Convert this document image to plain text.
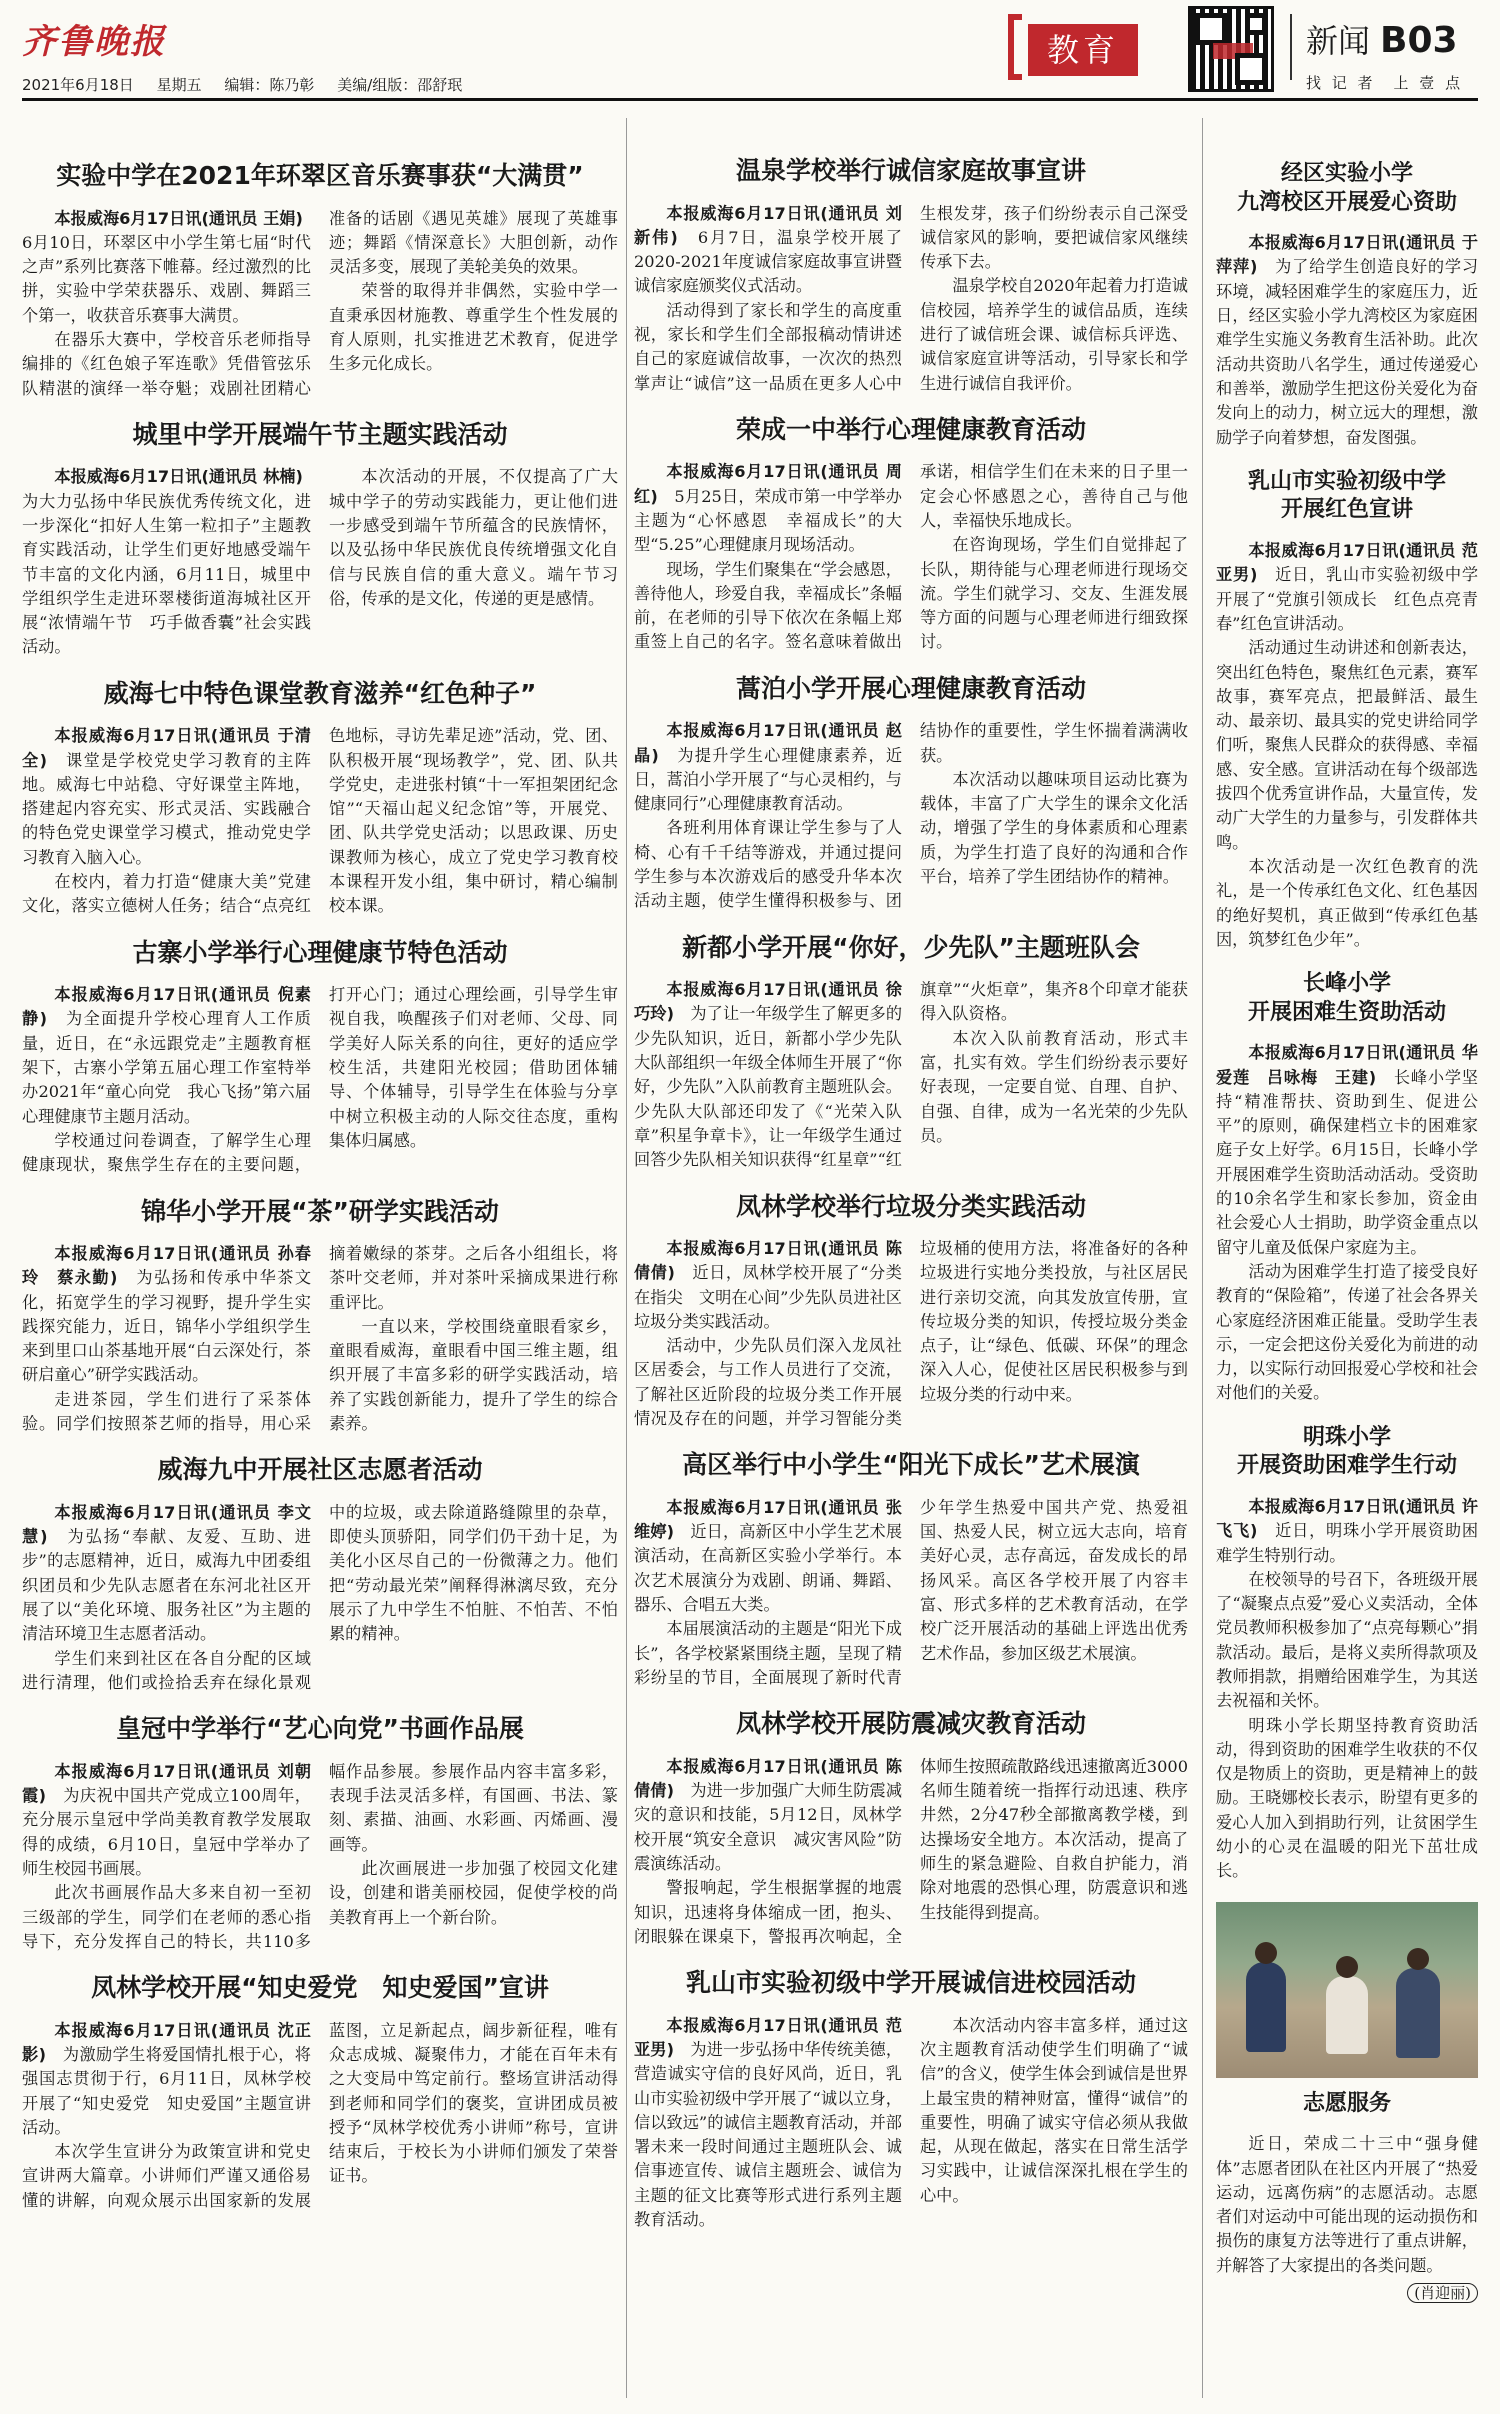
齐鲁晚报
2021年6月18日 星期五 编辑：陈乃彰 美编/组版：邵舒珉
教育	新闻 B03
找 记 者　上 壹 点
实验中学在2021年环翠区音乐赛事获“大满贯”

本报威海6月17日讯(通讯员 王娟)　6月10日，环翠区中小学生第七届“时代之声”系列比赛落下帷幕。经过激烈的比拼，实验中学荣获器乐、戏剧、舞蹈三个第一，收获音乐赛事大满贯。

在器乐大赛中，学校音乐老师指导编排的《红色娘子军连歌》凭借管弦乐队精湛的演绎一举夺魁；戏剧社团精心准备的话剧《遇见英雄》展现了英雄事迹；舞蹈《情深意长》大胆创新，动作灵活多变，展现了美轮美奂的效果。

荣誉的取得并非偶然，实验中学一直秉承因材施教、尊重学生个性发展的育人原则，扎实推进艺术教育，促进学生多元化成长。

城里中学开展端午节主题实践活动

本报威海6月17日讯(通讯员 林楠)　为大力弘扬中华民族优秀传统文化，进一步深化“扣好人生第一粒扣子”主题教育实践活动，让学生们更好地感受端午节丰富的文化内涵，6月11日，城里中学组织学生走进环翠楼街道海城社区开展“浓情端午节　巧手做香囊”社会实践活动。

本次活动的开展，不仅提高了广大城中学子的劳动实践能力，更让他们进一步感受到端午节所蕴含的民族情怀，以及弘扬中华民族优良传统增强文化自信与民族自信的重大意义。端午节习俗，传承的是文化，传递的更是感情。

威海七中特色课堂教育滋养“红色种子”

本报威海6月17日讯(通讯员 于清全)　课堂是学校党史学习教育的主阵地。威海七中站稳、守好课堂主阵地，搭建起内容充实、形式灵活、实践融合的特色党史课堂学习模式，推动党史学习教育入脑入心。

在校内，着力打造“健康大美”党建文化，落实立德树人任务；结合“点亮红色地标，寻访先辈足迹”活动，党、团、队积极开展“现场教学”，党、团、队共学党史，走进张村镇“十一军担架团纪念馆”“天福山起义纪念馆”等，开展党、团、队共学党史活动；以思政课、历史课教师为核心，成立了党史学习教育校本课程开发小组，集中研讨，精心编制校本课。

古寨小学举行心理健康节特色活动

本报威海6月17日讯(通讯员 倪素静)　为全面提升学校心理育人工作质量，近日，在“永远跟党走”主题教育框架下，古寨小学第五届心理工作室特举办2021年“童心向党　我心飞扬”第六届心理健康节主题月活动。

学校通过问卷调查，了解学生心理健康现状，聚焦学生存在的主要问题，打开心门；通过心理绘画，引导学生审视自我，唤醒孩子们对老师、父母、同学美好人际关系的向往，更好的适应学校生活，共建阳光校园；借助团体辅导、个体辅导，引导学生在体验与分享中树立积极主动的人际交往态度，重构集体归属感。

锦华小学开展“茶”研学实践活动

本报威海6月17日讯(通讯员 孙春玲　蔡永勤)　为弘扬和传承中华茶文化，拓宽学生的学习视野，提升学生实践探究能力，近日，锦华小学组织学生来到里口山茶基地开展“白云深处行，茶研启童心”研学实践活动。

走进茶园，学生们进行了采茶体验。同学们按照茶艺师的指导，用心采摘着嫩绿的茶芽。之后各小组组长，将茶叶交老师，并对茶叶采摘成果进行称重评比。

一直以来，学校围绕童眼看家乡，童眼看威海，童眼看中国三维主题，组织开展了丰富多彩的研学实践活动，培养了实践创新能力，提升了学生的综合素养。

威海九中开展社区志愿者活动

本报威海6月17日讯(通讯员 李文慧)　为弘扬“奉献、友爱、互助、进步”的志愿精神，近日，威海九中团委组织团员和少先队志愿者在东河北社区开展了以“美化环境、服务社区”为主题的清洁环境卫生志愿者活动。

学生们来到社区在各自分配的区域进行清理，他们或捡拾丢弃在绿化景观中的垃圾，或去除道路缝隙里的杂草，即使头顶骄阳，同学们仍干劲十足，为美化小区尽自己的一份微薄之力。他们把“劳动最光荣”阐释得淋漓尽致，充分展示了九中学生不怕脏、不怕苦、不怕累的精神。

皇冠中学举行“艺心向党”书画作品展

本报威海6月17日讯(通讯员 刘朝霞)　为庆祝中国共产党成立100周年，充分展示皇冠中学尚美教育教学发展取得的成绩，6月10日，皇冠中学举办了师生校园书画展。

此次书画展作品大多来自初一至初三级部的学生，同学们在老师的悉心指导下，充分发挥自己的特长，共110多幅作品参展。参展作品内容丰富多彩，表现手法灵活多样，有国画、书法、篆刻、素描、油画、水彩画、丙烯画、漫画等。

此次画展进一步加强了校园文化建设，创建和谐美丽校园，促使学校的尚美教育再上一个新台阶。

凤林学校开展“知史爱党　知史爱国”宣讲

本报威海6月17日讯(通讯员 沈正影)　为激励学生将爱国情扎根于心，将强国志贯彻于行，6月11日，凤林学校开展了“知史爱党　知史爱国”主题宣讲活动。

本次学生宣讲分为政策宣讲和党史宣讲两大篇章。小讲师们严谨又通俗易懂的讲解，向观众展示出国家新的发展蓝图，立足新起点，阔步新征程，唯有众志成城、凝聚伟力，才能在百年未有之大变局中笃定前行。整场宣讲活动得到老师和同学们的褒奖，宣讲团成员被授予“凤林学校优秀小讲师”称号，宣讲结束后，于校长为小讲师们颁发了荣誉证书。

温泉学校举行诚信家庭故事宣讲

本报威海6月17日讯(通讯员 刘新伟)　6月7日，温泉学校开展了2020-2021年度诚信家庭故事宣讲暨诚信家庭颁奖仪式活动。

活动得到了家长和学生的高度重视，家长和学生们全部报稿动情讲述自己的家庭诚信故事，一次次的热烈掌声让“诚信”这一品质在更多人心中生根发芽，孩子们纷纷表示自己深受诚信家风的影响，要把诚信家风继续传承下去。

温泉学校自2020年起着力打造诚信校园，培养学生的诚信品质，连续进行了诚信班会课、诚信标兵评选、诚信家庭宣讲等活动，引导家长和学生进行诚信自我评价。

荣成一中举行心理健康教育活动

本报威海6月17日讯(通讯员 周红)　5月25日，荣成市第一中学举办主题为“心怀感恩　幸福成长”的大型“5.25”心理健康月现场活动。

现场，学生们聚集在“学会感恩，善待他人，珍爱自我，幸福成长”条幅前，在老师的引导下依次在条幅上郑重签上自己的名字。签名意味着做出承诺，相信学生们在未来的日子里一定会心怀感恩之心，善待自己与他人，幸福快乐地成长。

在咨询现场，学生们自觉排起了长队，期待能与心理老师进行现场交流。学生们就学习、交友、生涯发展等方面的问题与心理老师进行细致探讨。

蒿泊小学开展心理健康教育活动

本报威海6月17日讯(通讯员 赵晶)　为提升学生心理健康素养，近日，蒿泊小学开展了“与心灵相约，与健康同行”心理健康教育活动。

各班利用体育课让学生参与了人椅、心有千千结等游戏，并通过提问学生参与本次游戏后的感受升华本次活动主题，使学生懂得积极参与、团结协作的重要性，学生怀揣着满满收获。

本次活动以趣味项目运动比赛为载体，丰富了广大学生的课余文化活动，增强了学生的身体素质和心理素质，为学生打造了良好的沟通和合作平台，培养了学生团结协作的精神。

新都小学开展“你好，少先队”主题班队会

本报威海6月17日讯(通讯员 徐巧玲)　为了让一年级学生了解更多的少先队知识，近日，新都小学少先队大队部组织一年级全体师生开展了“你好，少先队”入队前教育主题班队会。少先队大队部还印发了《“光荣入队章”积星争章卡》，让一年级学生通过回答少先队相关知识获得“红星章”“红旗章”“火炬章”，集齐8个印章才能获得入队资格。

本次入队前教育活动，形式丰富，扎实有效。学生们纷纷表示要好好表现，一定要自觉、自理、自护、自强、自律，成为一名光荣的少先队员。

凤林学校举行垃圾分类实践活动

本报威海6月17日讯(通讯员 陈倩倩)　近日，凤林学校开展了“分类在指尖　文明在心间”少先队员进社区垃圾分类实践活动。

活动中，少先队员们深入龙凤社区居委会，与工作人员进行了交流，了解社区近阶段的垃圾分类工作开展情况及存在的问题，并学习智能分类垃圾桶的使用方法，将准备好的各种垃圾进行实地分类投放，与社区居民进行亲切交流，向其发放宣传册，宣传垃圾分类的知识，传授垃圾分类金点子，让“绿色、低碳、环保”的理念深入人心，促使社区居民积极参与到垃圾分类的行动中来。

高区举行中小学生“阳光下成长”艺术展演

本报威海6月17日讯(通讯员 张维婷)　近日，高新区中小学生艺术展演活动，在高新区实验小学举行。本次艺术展演分为戏剧、朗诵、舞蹈、器乐、合唱五大类。

本届展演活动的主题是“阳光下成长”，各学校紧紧围绕主题，呈现了精彩纷呈的节目，全面展现了新时代青少年学生热爱中国共产党、热爱祖国、热爱人民，树立远大志向，培育美好心灵，志存高远，奋发成长的昂扬风采。高区各学校开展了内容丰富、形式多样的艺术教育活动，在学校广泛开展活动的基础上评选出优秀艺术作品，参加区级艺术展演。

凤林学校开展防震减灾教育活动

本报威海6月17日讯(通讯员 陈倩倩)　为进一步加强广大师生防震减灾的意识和技能，5月12日，凤林学校开展“筑安全意识　减灾害风险”防震演练活动。

警报响起，学生根据掌握的地震知识，迅速将身体缩成一团，抱头、闭眼躲在课桌下，警报再次响起，全体师生按照疏散路线迅速撤离近3000名师生随着统一指挥行动迅速、秩序井然，2分47秒全部撤离教学楼，到达操场安全地方。本次活动，提高了师生的紧急避险、自救自护能力，消除对地震的恐惧心理，防震意识和逃生技能得到提高。

乳山市实验初级中学开展诚信进校园活动

本报威海6月17日讯(通讯员 范亚男)　为进一步弘扬中华传统美德，营造诚实守信的良好风尚，近日，乳山市实验初级中学开展了“诚以立身，信以致远”的诚信主题教育活动，并部署未来一段时间通过主题班队会、诚信事迹宣传、诚信主题班会、诚信为主题的征文比赛等形式进行系列主题教育活动。

本次活动内容丰富多样，通过这次主题教育活动使学生们明确了“诚信”的含义，使学生体会到诚信是世界上最宝贵的精神财富，懂得“诚信”的重要性，明确了诚实守信必须从我做起，从现在做起，落实在日常生活学习实践中，让诚信深深扎根在学生的心中。

经区实验小学
九湾校区开展爱心资助

本报威海6月17日讯(通讯员 于萍萍)　为了给学生创造良好的学习环境，减轻困难学生的家庭压力，近日，经区实验小学九湾校区为家庭困难学生实施义务教育生活补助。此次活动共资助八名学生，通过传递爱心和善举，激励学生把这份关爱化为奋发向上的动力，树立远大的理想，激励学子向着梦想，奋发图强。

乳山市实验初级中学
开展红色宣讲

本报威海6月17日讯(通讯员 范亚男)　近日，乳山市实验初级中学开展了“党旗引领成长　红色点亮青春”红色宣讲活动。

活动通过生动讲述和创新表达，突出红色特色，聚焦红色元素，赛军故事，赛军亮点，把最鲜活、最生动、最亲切、最具实的党史讲给同学们听，聚焦人民群众的获得感、幸福感、安全感。宣讲活动在每个级部选拔四个优秀宣讲作品，大量宣传，发动广大学生的力量参与，引发群体共鸣。

本次活动是一次红色教育的洗礼，是一个传承红色文化、红色基因的绝好契机，真正做到“传承红色基因，筑梦红色少年”。

长峰小学
开展困难生资助活动

本报威海6月17日讯(通讯员 华爱莲　吕咏梅　王建)　长峰小学坚持“精准帮扶、资助到生、促进公平”的原则，确保建档立卡的困难家庭子女上好学。6月15日，长峰小学开展困难学生资助活动活动。受资助的10余名学生和家长参加，资金由社会爱心人士捐助，助学资金重点以留守儿童及低保户家庭为主。

活动为困难学生打造了接受良好教育的“保险箱”，传递了社会各界关心家庭经济困难正能量。受助学生表示，一定会把这份关爱化为前进的动力，以实际行动回报爱心学校和社会对他们的关爱。

明珠小学
开展资助困难学生行动

本报威海6月17日讯(通讯员 许飞飞)　近日，明珠小学开展资助困难学生特别行动。

在校领导的号召下，各班级开展了“凝聚点点爱”爱心义卖活动，全体党员教师积极参加了“点亮每颗心”捐款活动。最后，是将义卖所得款项及教师捐款，捐赠给困难学生，为其送去祝福和关怀。

明珠小学长期坚持教育资助活动，得到资助的困难学生收获的不仅仅是物质上的资助，更是精神上的鼓励。王晓娜校长表示，盼望有更多的爱心人加入到捐助行列，让贫困学生幼小的心灵在温暖的阳光下茁壮成长。

志愿服务

近日，荣成二十三中“强身健体”志愿者团队在社区内开展了“热爱运动，远离伤病”的志愿活动。志愿者们对运动中可能出现的运动损伤和损伤的康复方法等进行了重点讲解，并解答了大家提出的各类问题。

(肖迎丽)
